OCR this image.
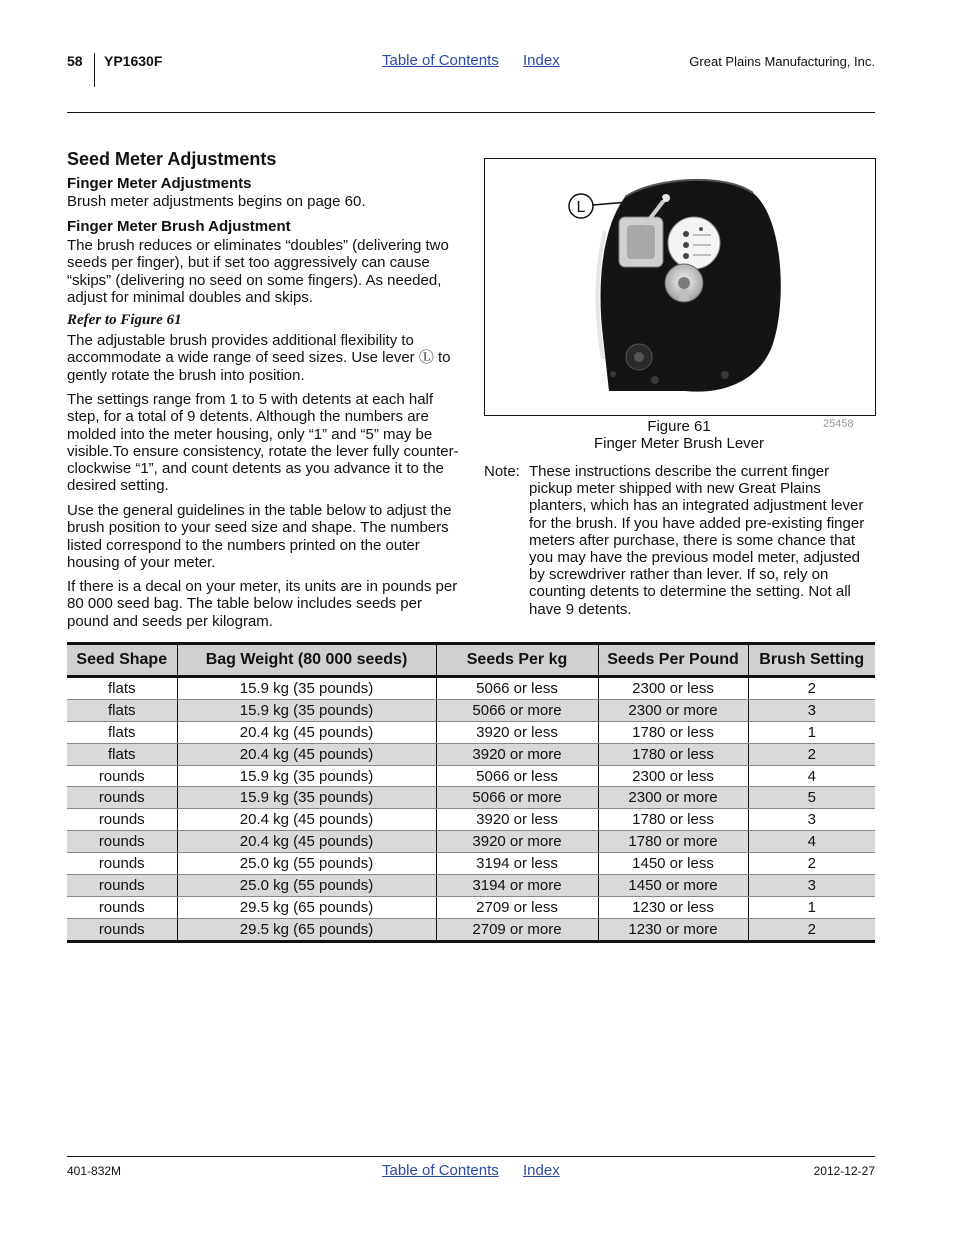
58 YP1630F	Table of Contents Index	Great Plains Manufacturing, Inc.
Seed Meter Adjustments
Finger Meter Adjustments
Brush meter adjustments begins on page 60.
Finger Meter Brush Adjustment
The brush reduces or eliminates “doubles” (delivering two seeds per finger), but if set too aggressively can cause “skips” (delivering no seed on some fingers). As needed, adjust for minimal doubles and skips.
Refer to Figure 61
The adjustable brush provides additional flexibility to accommodate a wide range of seed sizes. Use lever Ⓛ to gently rotate the brush into position.
The settings range from 1 to 5 with detents at each half step, for a total of 9 detents. Although the numbers are molded into the meter housing, only “1” and “5” may be visible.To ensure consistency, rotate the lever fully counter-clockwise “1”, and count detents as you advance it to the desired setting.
Use the general guidelines in the table below to adjust the brush position to your seed size and shape. The numbers listed correspond to the numbers printed on the outer housing of your meter.
If there is a decal on your meter, its units are in pounds per 80 000 seed bag. The table below includes seeds per pound and seeds per kilogram.
L
Figure 61	25458
Finger Meter Brush Lever
Note: These instructions describe the current finger pickup meter shipped with new Great Plains planters, which has an integrated adjustment lever for the brush. If you have added pre-existing finger meters after purchase, there is some chance that you may have the previous model meter, adjusted by screwdriver rather than lever. If so, rely on counting detents to determine the setting. Not all have 9 detents.
Seed Shape	Bag Weight (80 000 seeds)	Seeds Per kg	Seeds Per Pound	Brush Setting
flats	15.9 kg (35 pounds)	5066 or less	2300 or less	2
flats	15.9 kg (35 pounds)	5066 or more	2300 or more	3
flats	20.4 kg (45 pounds)	3920 or less	1780 or less	1
flats	20.4 kg (45 pounds)	3920 or more	1780 or less	2
rounds	15.9 kg (35 pounds)	5066 or less	2300 or less	4
rounds	15.9 kg (35 pounds)	5066 or more	2300 or more	5
rounds	20.4 kg (45 pounds)	3920 or less	1780 or less	3
rounds	20.4 kg (45 pounds)	3920 or more	1780 or more	4
rounds	25.0 kg (55 pounds)	3194 or less	1450 or less	2
rounds	25.0 kg (55 pounds)	3194 or more	1450 or more	3
rounds	29.5 kg (65 pounds)	2709 or less	1230 or less	1
rounds	29.5 kg (65 pounds)	2709 or more	1230 or more	2
401-832M	Table of Contents Index	2012-12-27
